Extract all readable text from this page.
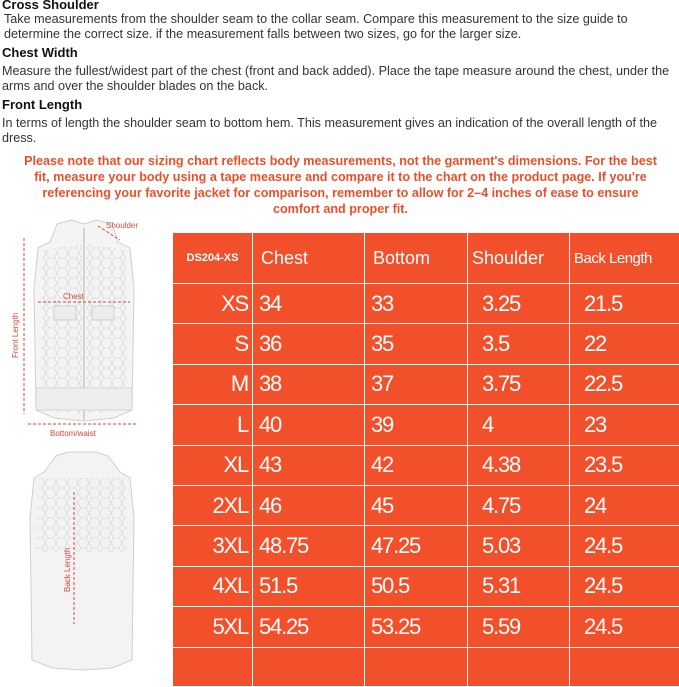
Cross Shoulder

Take measurements from the shoulder seam to the collar seam. Compare this measurement to the size guide to determine the correct size. if the measurement falls between two sizes, go for the larger size.

Chest Width

Measure the fullest/widest part of the chest (front and back added). Place the tape measure around the chest, under the arms and over the shoulder blades on the back.

Front Length

In terms of length the shoulder seam to bottom hem. This measurement gives an indication of the overall length of the dress.

Please note that our sizing chart reflects body measurements, not the garment's dimensions. For the best fit, measure your body using a tape measure and compare it to the chart on the product page. If you're referencing your favorite jacket for comparison, remember to allow for 2–4 inches of ease to ensure comfort and proper fit.
Shoulder
Chest
Front Length
Bottom/waist
Back Length
DS204-XS	Chest	Bottom	Shoulder	Back Length
XS	34	33	3.25	21.5
S	36	35	3.5	22
M	38	37	3.75	22.5
L	40	39	4	23
XL	43	42	4.38	23.5
2XL	46	45	4.75	24
3XL	48.75	47.25	5.03	24.5
4XL	51.5	50.5	5.31	24.5
5XL	54.25	53.25	5.59	24.5
